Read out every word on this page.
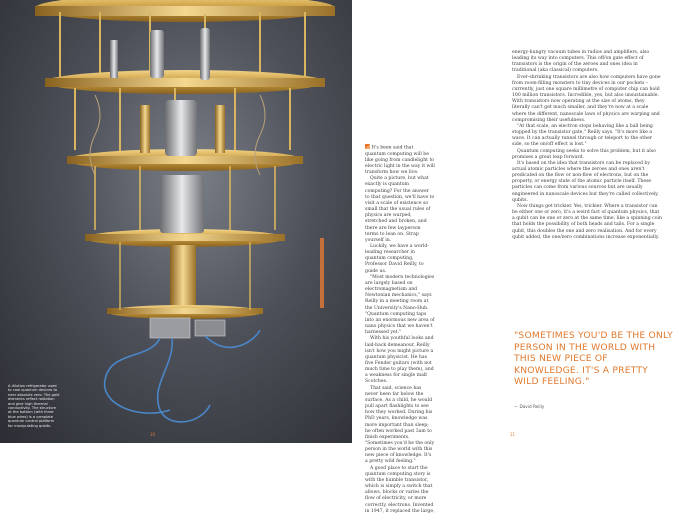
A dilution refrigerator used to cool quantum devices to near absolute zero. The gold elements reflect radiation and give high thermal conductivity. The structure at the bottom (with three blue wires) is a complete quantum control platform for manipulating qubits.
10

It's been said that quantum computing will be like going from candlelight to electric light in the way it will transform how we live.

Quite a picture, but what exactly is quantum computing? For the answer to that question, we'll have to visit a scale of existence so small that the usual rules of physics are warped, stretched and broken, and there are few layperson terms to lean on. Strap yourself in.

Luckily, we have a world-leading researcher in quantum computing, Professor David Reilly, to guide us.

"Most modern technologies are largely based on electromagnetism and Newtonian mechanics," says Reilly in a meeting room at the University's Nano-Hub. "Quantum computing taps into an enormous new area of nano physics that we haven't harnessed yet."

With his youthful looks and laid-back demeanour, Reilly isn't how you might picture a quantum physicist. He has five Fender guitars (with not much time to play them), and a weakness for single malt Scotches.

That said, science has never been far below the surface. As a child, he would pull apart flashlights to see how they worked. During his PhD years, knowledge was more important than sleep; he often worked past 3am to finish experiments. "Sometimes you'd be the only person in the world with this new piece of knowledge. It's a pretty wild feeling."

A good place to start the quantum computing story is with the humble transistor, which is simply a switch that allows, blocks or varies the flow of electricity, or more correctly, electrons. Invented in 1947, it replaced the large,

energy-hungry vacuum tubes in radios and amplifiers, also leading its way into computers. This off/on gate effect of transistors is the origin of the zeroes and ones idea in traditional (aka classical) computers.

Ever-shrinking transistors are also how computers have gone from room-filling monsters to tiny devices in our pockets – currently, just one square millimetre of computer chip can hold 100 million transistors. Incredible, yes, but also unsustainable. With transistors now operating at the size of atoms, they literally can't get much smaller, and they're now at a scale where the different, nanoscale laws of physics are warping and compromising their usefulness.

"At that scale, an electron stops behaving like a ball being stopped by the transistor gate," Reilly says. "It's more like a wave. It can actually tunnel through or teleport to the other side, so the on/off effect is lost."

Quantum computing seeks to solve this problem, but it also promises a great leap forward.

It's based on the idea that transistors can be replaced by actual atomic particles where the zeroes and ones aren't predicated on the flow or non-flow of electrons, but on the property, or energy state of the atomic particle itself. These particles can come from various sources but are usually engineered in nanoscale devices but they're called collectively, qubits.

Now things get trickier. Yes, trickier. Where a transistor can be either one or zero, it's a weird fact of quantum physics, that a qubit can be one or zero at the same time, like a spinning coin that holds the possibility of both heads and tails. For a single qubit, this doubles the one and zero realisation. And for every qubit added, the one/zero combinations increase exponentially.

"SOMETIMES YOU'D BE THE ONLY PERSON IN THE WORLD WITH THIS NEW PIECE OF KNOWLEDGE. IT'S A PRETTY WILD FEELING."
— David Reilly
11
